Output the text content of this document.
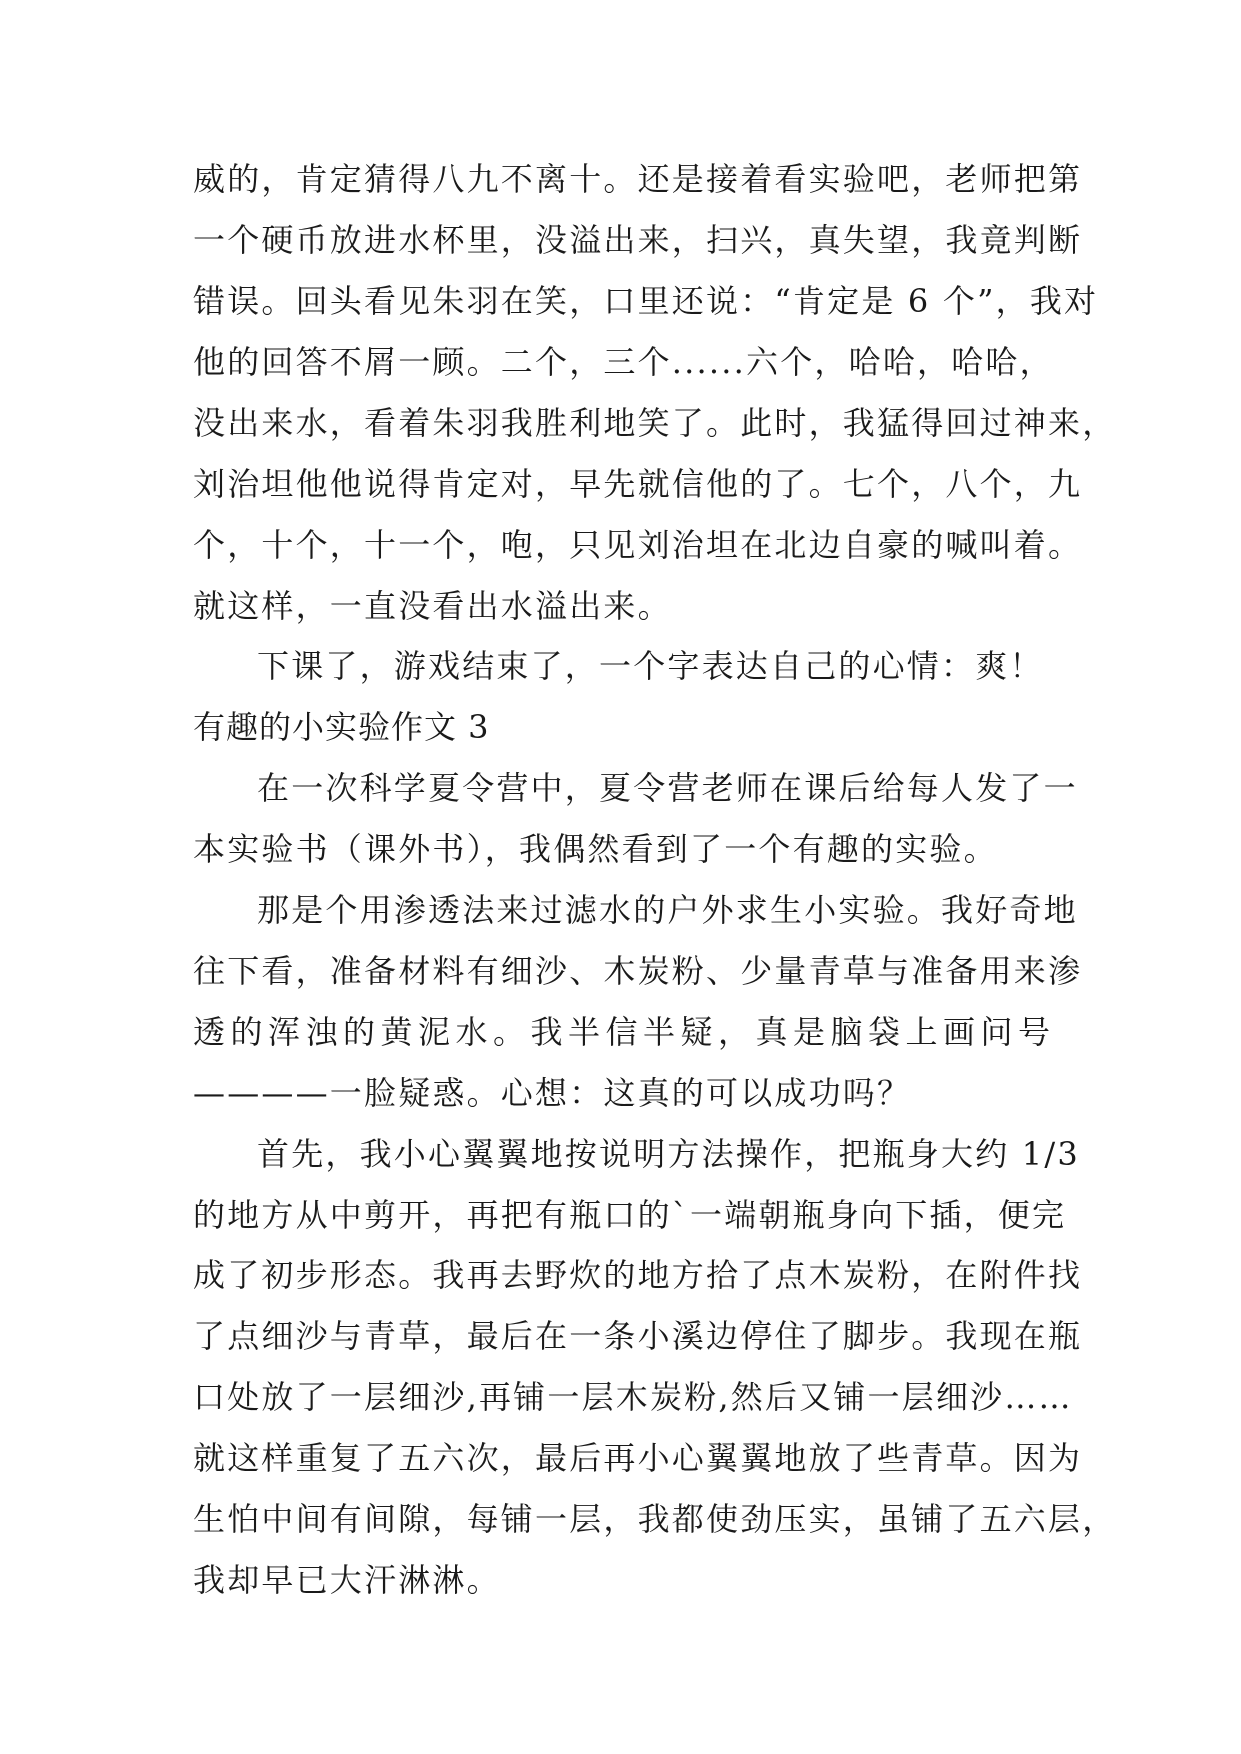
威的，肯定猜得八九不离十。还是接着看实验吧，老师把第
一个硬币放进水杯里，没溢出来，扫兴，真失望，我竟判断
错误。回头看见朱羽在笑，口里还说：“肯定是 6 个”，我对
他的回答不屑一顾。二个，三个......六个，哈哈，哈哈，
没出来水，看着朱羽我胜利地笑了。此时，我猛得回过神来，
刘治坦他他说得肯定对，早先就信他的了。七个，八个，九
个，十个，十一个，咆，只见刘治坦在北边自豪的喊叫着。
就这样，一直没看出水溢出来。
下课了，游戏结束了，一个字表达自己的心情：爽！
有趣的小实验作文 3
在一次科学夏令营中，夏令营老师在课后给每人发了一
本实验书（课外书），我偶然看到了一个有趣的实验。
那是个用渗透法来过滤水的户外求生小实验。我好奇地
往下看，准备材料有细沙、木炭粉、少量青草与准备用来渗
透的浑浊的黄泥水。我半信半疑，真是脑袋上画问号
————一脸疑惑。心想：这真的可以成功吗？
首先，我小心翼翼地按说明方法操作，把瓶身大约 1/3
的地方从中剪开，再把有瓶口的`一端朝瓶身向下插，便完
成了初步形态。我再去野炊的地方拾了点木炭粉，在附件找
了点细沙与青草，最后在一条小溪边停住了脚步。我现在瓶
口处放了一层细沙,再铺一层木炭粉,然后又铺一层细沙……
就这样重复了五六次，最后再小心翼翼地放了些青草。因为
生怕中间有间隙，每铺一层，我都使劲压实，虽铺了五六层，
我却早已大汗淋淋。
